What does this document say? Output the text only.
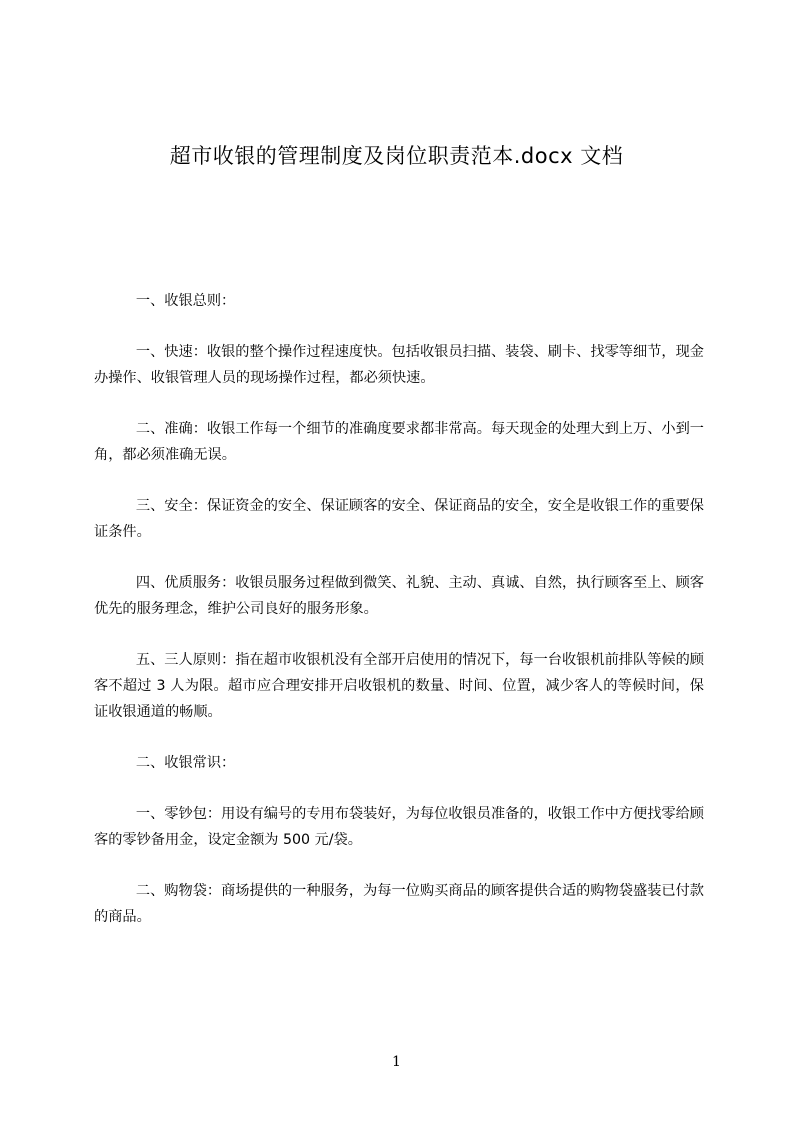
超市收银的管理制度及岗位职责范本.docx 文档

一、收银总则：

一、快速：收银的整个操作过程速度快。包括收银员扫描、装袋、刷卡、找零等细节，现金办操作、收银管理人员的现场操作过程，都必须快速。

二、准确：收银工作每一个细节的准确度要求都非常高。每天现金的处理大到上万、小到一角，都必须准确无误。

三、安全：保证资金的安全、保证顾客的安全、保证商品的安全，安全是收银工作的重要保证条件。

四、优质服务：收银员服务过程做到微笑、礼貌、主动、真诚、自然，执行顾客至上、顾客优先的服务理念，维护公司良好的服务形象。

五、三人原则：指在超市收银机没有全部开启使用的情况下，每一台收银机前排队等候的顾客不超过 3 人为限。超市应合理安排开启收银机的数量、时间、位置，减少客人的等候时间，保证收银通道的畅顺。

二、收银常识：

一、零钞包：用设有编号的专用布袋装好，为每位收银员准备的，收银工作中方便找零给顾客的零钞备用金，设定金额为 500 元/袋。

二、购物袋：商场提供的一种服务，为每一位购买商品的顾客提供合适的购物袋盛装已付款的商品。

1
